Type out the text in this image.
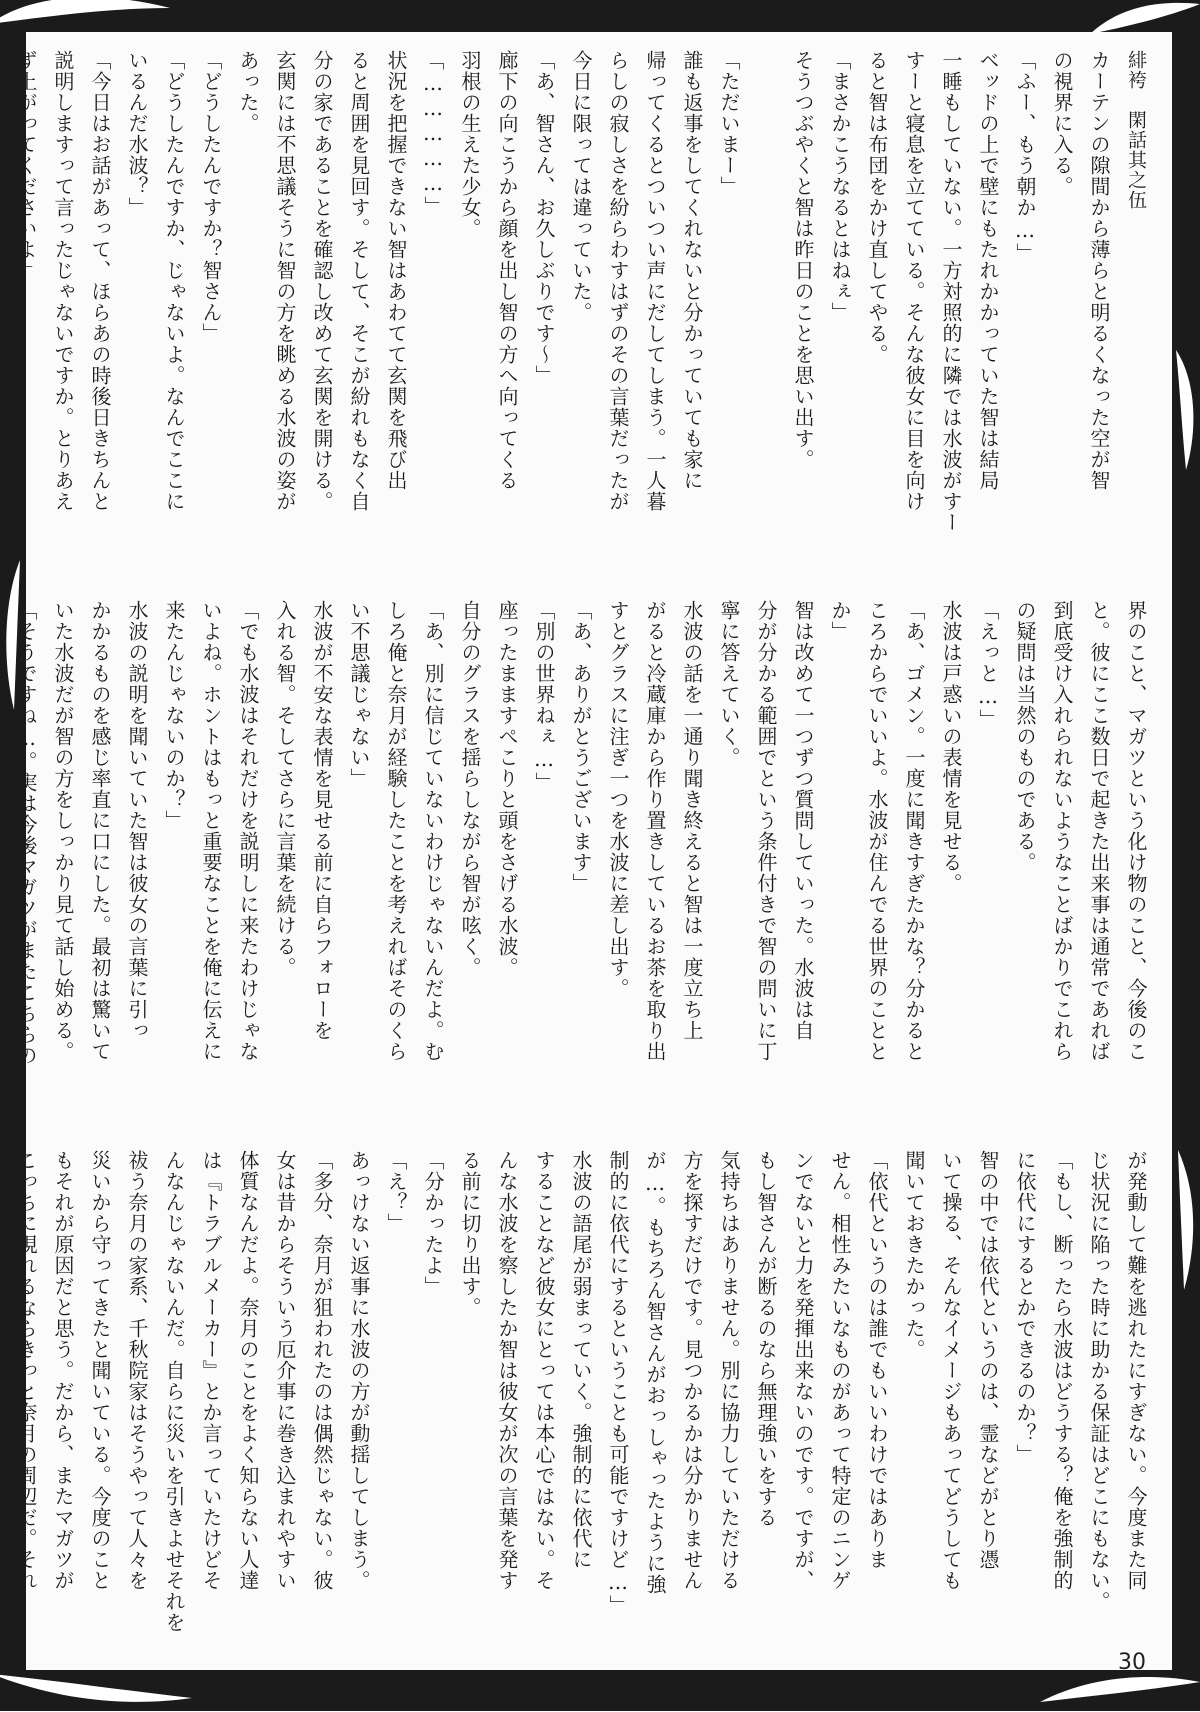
緋袴　閑話其之伍
カーテンの隙間から薄らと明るくなった空が智
の視界に入る。
「ふー、もう朝か…」
ベッドの上で壁にもたれかかっていた智は結局
一睡もしていない。一方対照的に隣では水波がすー
すーと寝息を立てている。そんな彼女に目を向け
ると智は布団をかけ直してやる。
「まさかこうなるとはねぇ」
そうつぶやくと智は昨日のことを思い出す。

「ただいまー」
誰も返事をしてくれないと分かっていても家に
帰ってくるとついつい声にだしてしまう。一人暮
らしの寂しさを紛らわすはずのその言葉だったが
今日に限っては違っていた。
「あ、智さん、お久しぶりです〜」
廊下の向こうから顔を出し智の方へ向ってくる
羽根の生えた少女。
「……………」
状況を把握できない智はあわてて玄関を飛び出
ると周囲を見回す。そして、そこが紛れもなく自
分の家であることを確認し改めて玄関を開ける。
玄関には不思議そうに智の方を眺める水波の姿が
あった。
「どうしたんですか？智さん」
「どうしたんですか、じゃないよ。なんでここに
いるんだ水波？」
「今日はお話があって、ほらあの時後日きちんと
説明しますって言ったじゃないですか。とりあえ
ず上がってくださいよ」

界のこと、マガツという化け物のこと、今後のこ
と。彼にここ数日で起きた出来事は通常であれば
到底受け入れられないようなことばかりでこれら
の疑問は当然のものである。
「えっと…」
水波は戸惑いの表情を見せる。
「あ、ゴメン。一度に聞きすぎたかな？分かると
ころからでいいよ。水波が住んでる世界のことと
か」
智は改めて一つずつ質問していった。水波は自
分が分かる範囲でという条件付きで智の問いに丁
寧に答えていく。
水波の話を一通り聞き終えると智は一度立ち上
がると冷蔵庫から作り置きしているお茶を取り出
すとグラスに注ぎ一つを水波に差し出す。
「あ、ありがとうございます」
「別の世界ねぇ…」
座ったまますぺこりと頭をさげる水波。
自分のグラスを揺らしながら智が呟く。
「あ、別に信じていないわけじゃないんだよ。む
しろ俺と奈月が経験したことを考えればそのくら
い不思議じゃない」
水波が不安な表情を見せる前に自らフォローを
入れる智。そしてさらに言葉を続ける。
「でも水波はそれだけを説明しに来たわけじゃな
いよね。ホントはもっと重要なことを俺に伝えに
来たんじゃないのか？」
水波の説明を聞いていた智は彼女の言葉に引っ
かかるものを感じ率直に口にした。最初は驚いて
いた水波だが智の方をしっかり見て話し始める。
「そうですね…。実は今後マガツがまたこちらの

が発動して難を逃れたにすぎない。今度また同
じ状況に陥った時に助かる保証はどこにもない。
「もし、断ったら水波はどうする？俺を強制的
に依代にするとかできるのか？」
智の中では依代というのは、霊などがとり憑
いて操る、そんなイメージもあってどうしても
聞いておきたかった。
「依代というのは誰でもいいわけではありま
せん。相性みたいなものがあって特定のニンゲ
ンでないと力を発揮出来ないのです。ですが、
もし智さんが断るのなら無理強いをする
気持ちはありません。別に協力していただける
方を探すだけです。見つかるかは分かりません
が…。もちろん智さんがおっしゃったように強
制的に依代にするということも可能ですけど…」
水波の語尾が弱まっていく。強制的に依代に
することなど彼女にとっては本心ではない。そ
んな水波を察したか智は彼女が次の言葉を発す
る前に切り出す。
「分かったよ」
「え？」
あっけない返事に水波の方が動揺してしまう。
「多分、奈月が狙われたのは偶然じゃない。彼
女は昔からそういう厄介事に巻き込まれやすい
体質なんだよ。奈月のことをよく知らない人達
は『トラブルメーカー』とか言っていたけどそ
んなんじゃないんだ。自らに災いを引きよせそれを
祓う奈月の家系、千秋院家はそうやって人々を
災いから守ってきたと聞いている。今度のこと
もそれが原因だと思う。だから、またマガツが
こっちに現れるならきっと奈月の周辺だ。それ

30
